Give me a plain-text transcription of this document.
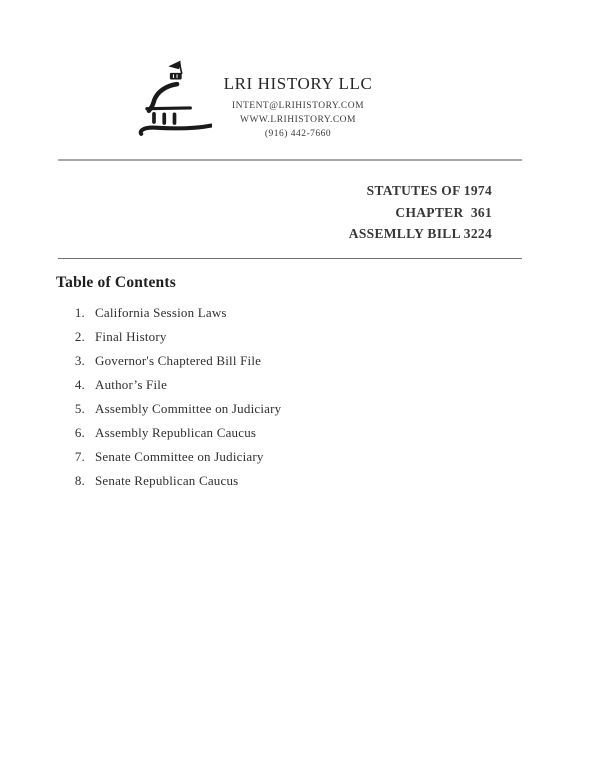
LRI HISTORY LLC
INTENT@LRIHISTORY.COM
WWW.LRIHISTORY.COM
(916) 442-7660
STATUTES OF 1974
CHAPTER  361
ASSEMLLY BILL 3224
Table of Contents
1. California Session Laws
2. Final History
3. Governor's Chaptered Bill File
4. Author’s File
5. Assembly Committee on Judiciary
6. Assembly Republican Caucus
7. Senate Committee on Judiciary
8. Senate Republican Caucus
